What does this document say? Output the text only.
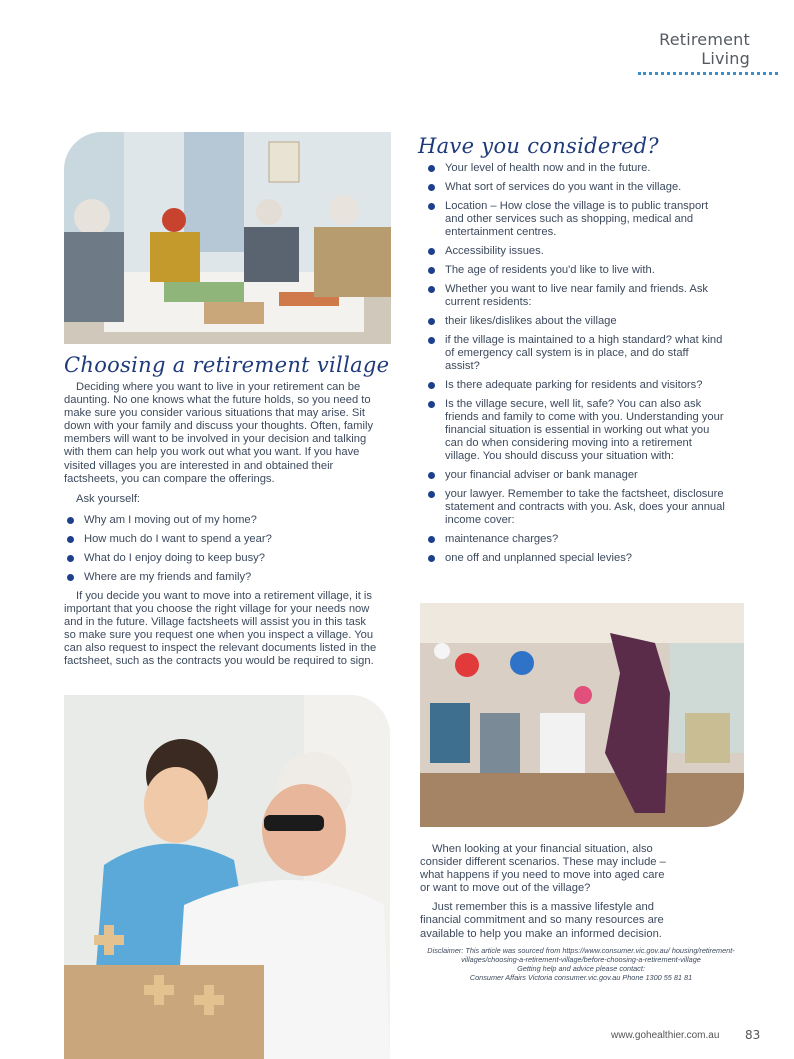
Retirement Living
Choosing a retirement village

Deciding where you want to live in your retirement can be daunting. No one knows what the future holds, so you need to make sure you consider various situations that may arise. Sit down with your family and discuss your thoughts. Often, family members will want to be involved in your decision and talking with them can help you work out what you want. If you have visited villages you are interested in and obtained their factsheets, you can compare the offerings.

Ask yourself:

Why am I moving out of my home?
How much do I want to spend a year?
What do I enjoy doing to keep busy?
Where are my friends and family?

If you decide you want to move into a retirement village, it is important that you choose the right village for your needs now and in the future. Village factsheets will assist you in this task so make sure you request one when you inspect a village. You can also request to inspect the relevant documents listed in the factsheet, such as the contracts you would be required to sign.

Have you considered?
Your level of health now and in the future.
What sort of services do you want in the village.
Location – How close the village is to public transport and other services such as shopping, medical and entertainment centres.
Accessibility issues.
The age of residents you'd like to live with.
Whether you want to live near family and friends. Ask current residents:
their likes/dislikes about the village
if the village is maintained to a high standard? what kind of emergency call system is in place, and do staff assist?
Is there adequate parking for residents and visitors?
Is the village secure, well lit, safe? You can also ask friends and family to come with you. Understanding your financial situation is essential in working out what you can do when considering moving into a retirement village. You should discuss your situation with:
your financial adviser or bank manager
your lawyer. Remember to take the factsheet, disclosure statement and contracts with you. Ask, does your annual income cover:
maintenance charges?
one off and unplanned special levies?

When looking at your financial situation, also consider different scenarios. These may include – what happens if you need to move into aged care or want to move out of the village?

Just remember this is a massive lifestyle and financial commitment and so many resources are available to help you make an informed decision.

Disclaimer: This article was sourced from https://www.consumer.vic.gov.au/ housing/retirement-villages/choosing-a-retirement-village/before-choosing-a-retirement-village
Getting help and advice please contact:
Consumer Affairs Victoria consumer.vic.gov.au Phone 1300 55 81 81
www.gohealthier.com.au 83
